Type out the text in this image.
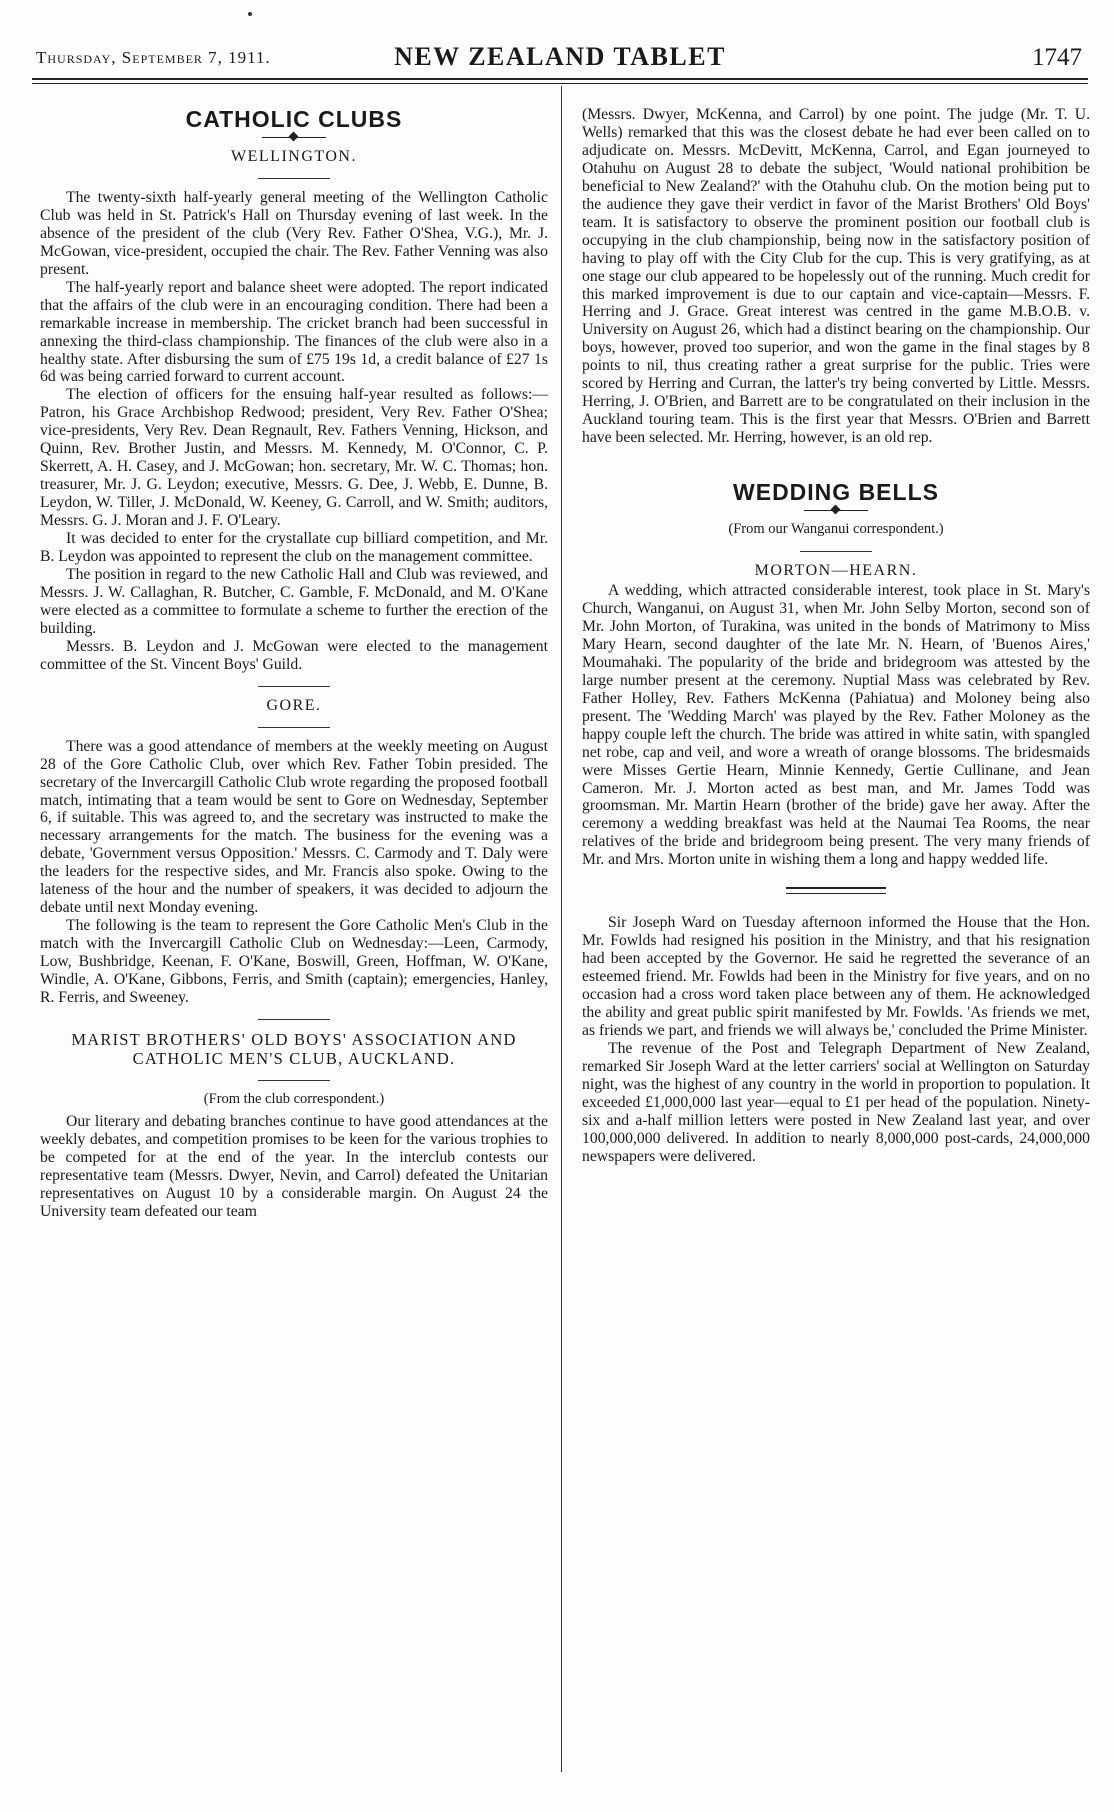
Thursday, September 7, 1911.	NEW ZEALAND TABLET	1747
CATHOLIC CLUBS
WELLINGTON.

The twenty-sixth half-yearly general meeting of the Wellington Catholic Club was held in St. Patrick's Hall on Thursday evening of last week. In the absence of the president of the club (Very Rev. Father O'Shea, V.G.), Mr. J. McGowan, vice-president, occupied the chair. The Rev. Father Venning was also present.

The half-yearly report and balance sheet were adopted. The report indicated that the affairs of the club were in an encouraging condition. There had been a remarkable increase in membership. The cricket branch had been successful in annexing the third-class championship. The finances of the club were also in a healthy state. After disbursing the sum of £75 19s 1d, a credit balance of £27 1s 6d was being carried forward to current account.

The election of officers for the ensuing half-year resulted as follows:—Patron, his Grace Archbishop Redwood; president, Very Rev. Father O'Shea; vice-presidents, Very Rev. Dean Regnault, Rev. Fathers Venning, Hickson, and Quinn, Rev. Brother Justin, and Messrs. M. Kennedy, M. O'Connor, C. P. Skerrett, A. H. Casey, and J. McGowan; hon. secretary, Mr. W. C. Thomas; hon. treasurer, Mr. J. G. Leydon; executive, Messrs. G. Dee, J. Webb, E. Dunne, B. Leydon, W. Tiller, J. McDonald, W. Keeney, G. Carroll, and W. Smith; auditors, Messrs. G. J. Moran and J. F. O'Leary.

It was decided to enter for the crystallate cup billiard competition, and Mr. B. Leydon was appointed to represent the club on the management committee.

The position in regard to the new Catholic Hall and Club was reviewed, and Messrs. J. W. Callaghan, R. Butcher, C. Gamble, F. McDonald, and M. O'Kane were elected as a committee to formulate a scheme to further the erection of the building.

Messrs. B. Leydon and J. McGowan were elected to the management committee of the St. Vincent Boys' Guild.

GORE.

There was a good attendance of members at the weekly meeting on August 28 of the Gore Catholic Club, over which Rev. Father Tobin presided. The secretary of the Invercargill Catholic Club wrote regarding the proposed football match, intimating that a team would be sent to Gore on Wednesday, September 6, if suitable. This was agreed to, and the secretary was instructed to make the necessary arrangements for the match. The business for the evening was a debate, 'Government versus Opposition.' Messrs. C. Carmody and T. Daly were the leaders for the respective sides, and Mr. Francis also spoke. Owing to the lateness of the hour and the number of speakers, it was decided to adjourn the debate until next Monday evening.

The following is the team to represent the Gore Catholic Men's Club in the match with the Invercargill Catholic Club on Wednesday:—Leen, Carmody, Low, Bushbridge, Keenan, F. O'Kane, Boswill, Green, Hoffman, W. O'Kane, Windle, A. O'Kane, Gibbons, Ferris, and Smith (captain); emergencies, Hanley, R. Ferris, and Sweeney.

MARIST BROTHERS' OLD BOYS' ASSOCIATION AND CATHOLIC MEN'S CLUB, AUCKLAND.
(From the club correspondent.)

Our literary and debating branches continue to have good attendances at the weekly debates, and competition promises to be keen for the various trophies to be competed for at the end of the year. In the interclub contests our representative team (Messrs. Dwyer, Nevin, and Carrol) defeated the Unitarian representatives on August 10 by a considerable margin. On August 24 the University team defeated our team

(Messrs. Dwyer, McKenna, and Carrol) by one point. The judge (Mr. T. U. Wells) remarked that this was the closest debate he had ever been called on to adjudicate on. Messrs. McDevitt, McKenna, Carrol, and Egan journeyed to Otahuhu on August 28 to debate the subject, 'Would national prohibition be beneficial to New Zealand?' with the Otahuhu club. On the motion being put to the audience they gave their verdict in favor of the Marist Brothers' Old Boys' team. It is satisfactory to observe the prominent position our football club is occupying in the club championship, being now in the satisfactory position of having to play off with the City Club for the cup. This is very gratifying, as at one stage our club appeared to be hopelessly out of the running. Much credit for this marked improvement is due to our captain and vice-captain—Messrs. F. Herring and J. Grace. Great interest was centred in the game M.B.O.B. v. University on August 26, which had a distinct bearing on the championship. Our boys, however, proved too superior, and won the game in the final stages by 8 points to nil, thus creating rather a great surprise for the public. Tries were scored by Herring and Curran, the latter's try being converted by Little. Messrs. Herring, J. O'Brien, and Barrett are to be congratulated on their inclusion in the Auckland touring team. This is the first year that Messrs. O'Brien and Barrett have been selected. Mr. Herring, however, is an old rep.

WEDDING BELLS
(From our Wanganui correspondent.)
MORTON—HEARN.

A wedding, which attracted considerable interest, took place in St. Mary's Church, Wanganui, on August 31, when Mr. John Selby Morton, second son of Mr. John Morton, of Turakina, was united in the bonds of Matrimony to Miss Mary Hearn, second daughter of the late Mr. N. Hearn, of 'Buenos Aires,' Moumahaki. The popularity of the bride and bridegroom was attested by the large number present at the ceremony. Nuptial Mass was celebrated by Rev. Father Holley, Rev. Fathers McKenna (Pahiatua) and Moloney being also present. The 'Wedding March' was played by the Rev. Father Moloney as the happy couple left the church. The bride was attired in white satin, with spangled net robe, cap and veil, and wore a wreath of orange blossoms. The bridesmaids were Misses Gertie Hearn, Minnie Kennedy, Gertie Cullinane, and Jean Cameron. Mr. J. Morton acted as best man, and Mr. James Todd was groomsman. Mr. Martin Hearn (brother of the bride) gave her away. After the ceremony a wedding breakfast was held at the Naumai Tea Rooms, the near relatives of the bride and bridegroom being present. The very many friends of Mr. and Mrs. Morton unite in wishing them a long and happy wedded life.

Sir Joseph Ward on Tuesday afternoon informed the House that the Hon. Mr. Fowlds had resigned his position in the Ministry, and that his resignation had been accepted by the Governor. He said he regretted the severance of an esteemed friend. Mr. Fowlds had been in the Ministry for five years, and on no occasion had a cross word taken place between any of them. He acknowledged the ability and great public spirit manifested by Mr. Fowlds. 'As friends we met, as friends we part, and friends we will always be,' concluded the Prime Minister.

The revenue of the Post and Telegraph Department of New Zealand, remarked Sir Joseph Ward at the letter carriers' social at Wellington on Saturday night, was the highest of any country in the world in proportion to population. It exceeded £1,000,000 last year—equal to £1 per head of the population. Ninety-six and a-half million letters were posted in New Zealand last year, and over 100,000,000 delivered. In addition to nearly 8,000,000 post-cards, 24,000,000 newspapers were delivered.
